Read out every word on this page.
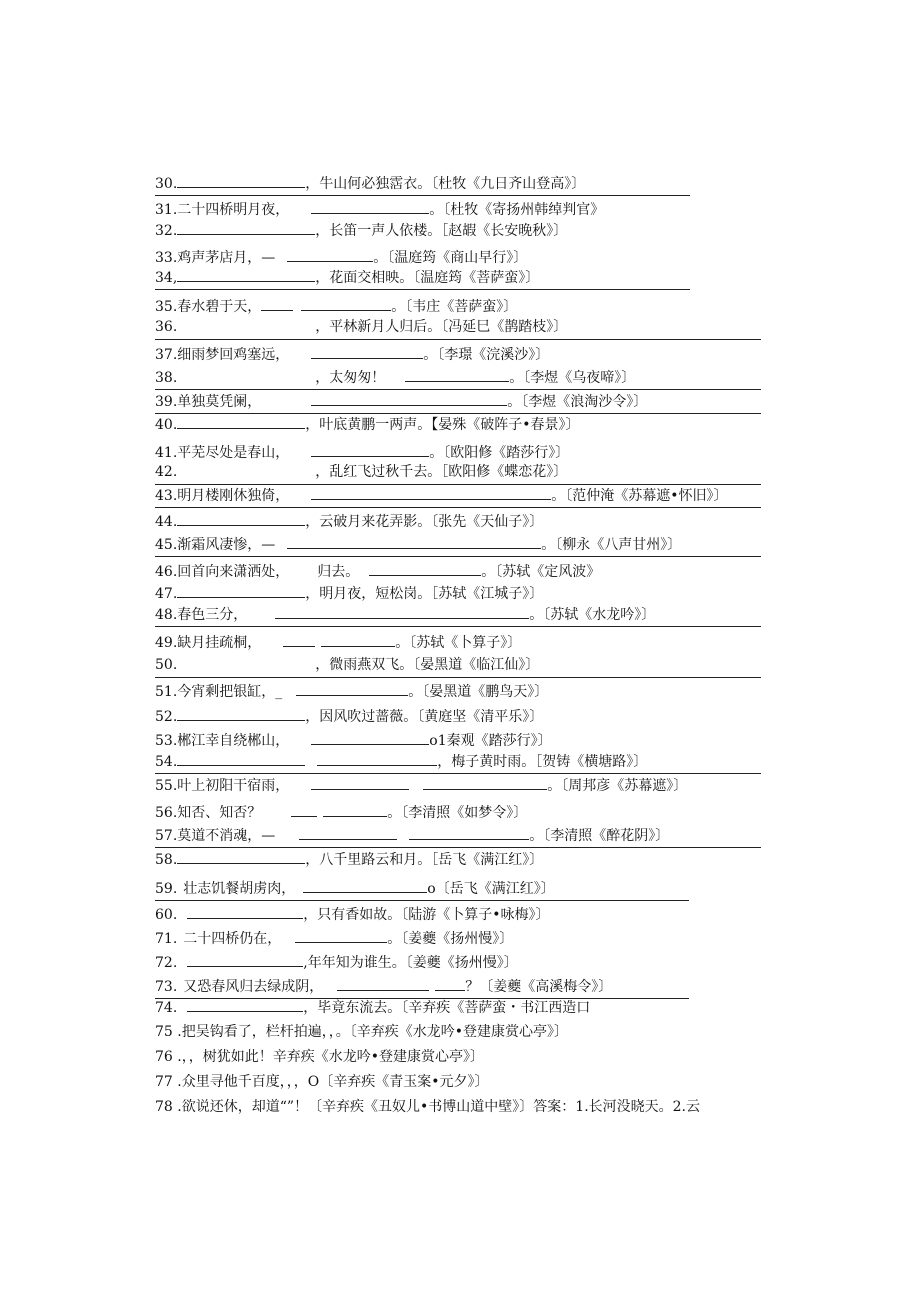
30.	，牛山何必独霑衣。〔杜牧《九日齐山登高》〕
31.二十四桥明月夜，	。〔杜牧《寄扬州韩绰判官》
32.	，长笛一声人依楼。［赵嘏《长安晚秋》〕
33.鸡声茅店月，—	。〔温庭筠《商山早行》〕
34,	，花面交相映。〔温庭筠《菩萨蛮》〕
35.春水碧于天，	。〔韦庄《菩萨蛮》〕
36.	，平林新月人归后。〔冯延巳《鹊踏枝》〕
37.细雨梦回鸡塞远，	。〔李璟《浣溪沙》〕
38.	，太匆匆！	。〔李煜《乌夜啼》〕
39.单独莫凭阑，	。〔李煜《浪淘沙令》〕
40.	，叶底黄鹏一两声。【晏殊《破阵子•春景》〕
41.平芜尽处是春山，	。〔欧阳修《踏莎行》〕
42.	，乱红飞过秋千去。［欧阳修《蝶恋花》〕
43.明月楼刚休独倚，	。〔范仲淹《苏幕遮•怀旧》〕
44.	，云破月来花弄影。〔张先《天仙子》〕
45.渐霜风凄惨，—	。〔柳永《八声甘州》〕
46.回首向来潇洒处， 归去。	。〔苏轼《定风波》
47.	，明月夜，短松岗。［苏轼《江城子》〕
48.春色三分，	。〔苏轼《水龙吟》〕
49.缺月挂疏桐，	。〔苏轼《卜算子》〕
50.	，微雨燕双飞。〔晏黑道《临江仙》〕
51.今宵剩把银缸，_	。〔晏黑道《鹏鸟天》〕
52.	，因风吹过蔷薇。〔黄庭坚《清平乐》〕
53.郴江幸自绕郴山，	o1秦观《踏莎行》〕
54.	，梅子黄时雨。［贺铸《横塘路》〕
55.叶上初阳干宿雨，	。〔周邦彦《苏幕遮》〕
56.知否、知否？	。〔李清照《如梦令》〕
57.莫道不消魂，—	。〔李清照《醉花阴》〕
58.	，八千里路云和月。［岳飞《满江红》〕
59. 壮志饥餐胡虏肉，	o〔岳飞《满江红》〕
60.	，只有香如故。〔陆游《卜算子•咏梅》〕
71. 二十四桥仍在，	。〔姜夔《扬州慢》〕
72.	,年年知为谁生。〔姜夔《扬州慢》〕
73. 又恐春风归去绿成阴，	？〔姜夔《高溪梅令》〕
74.	，毕竟东流去。〔辛弃疾《菩萨蛮・书江西造口
75 .把吴钩看了，栏杆拍遍，，。〔辛弃疾《水龙吟•登建康赏心亭》〕
76 .，，树犹如此！辛弃疾《水龙吟•登建康赏心亭》〕
77 .众里寻他千百度，，，O〔辛弃疾《青玉案•元夕》〕
78 .欲说还休，却道“”！〔辛弃疾《丑奴儿•书博山道中壁》〕答案：1.长河没晓天。2.云
